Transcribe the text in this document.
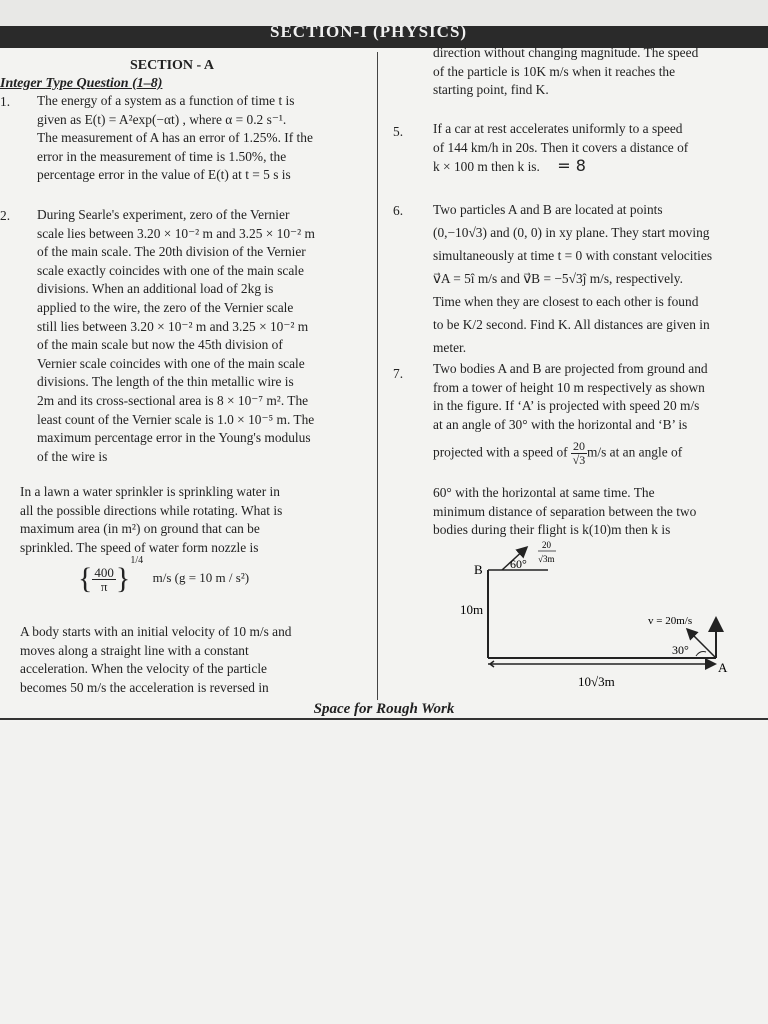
SECTION-I (PHYSICS)
SECTION - A
Integer Type Question (1–8)
1. The energy of a system as a function of time t is
given as E(t) = A²exp(−αt) , where α = 0.2 s⁻¹.
The measurement of A has an error of 1.25%. If the
error in the measurement of time is 1.50%, the
percentage error in the value of E(t) at t = 5 s is
2. During Searle's experiment, zero of the Vernier
scale lies between 3.20 × 10⁻² m and 3.25 × 10⁻² m
of the main scale. The 20th division of the Vernier
scale exactly coincides with one of the main scale
divisions. When an additional load of 2kg is
applied to the wire, the zero of the Vernier scale
still lies between 3.20 × 10⁻² m and 3.25 × 10⁻² m
of the main scale but now the 45th division of
Vernier scale coincides with one of the main scale
divisions. The length of the thin metallic wire is
2m and its cross-sectional area is 8 × 10⁻⁷ m². The
least count of the Vernier scale is 1.0 × 10⁻⁵ m. The
maximum percentage error in the Young's modulus
of the wire is
In a lawn a water sprinkler is sprinkling water in
all the possible directions while rotating. What is
maximum area (in m²) on ground that can be
sprinkled. The speed of water form nozzle is
{ $\frac{400}{\pi} \}^{1/4}$ m/s (g = 10 m / s²)
A body starts with an initial velocity of 10 m/s and
moves along a straight line with a constant
acceleration. When the velocity of the particle
becomes 50 m/s the acceleration is reversed in
direction without changing magnitude. The speed
of the particle is 10K m/s when it reaches the
starting point, find K.
5. If a car at rest accelerates uniformly to a speed
of 144 km/h in 20s. Then it covers a distance of
k × 100 m then k is. = 8
6. Two particles A and B are located at points
(0,−10√3) and (0, 0) in xy plane. They start moving
simultaneously at time t = 0 with constant velocities
v⃗A = 5î m/s and v⃗B = −5√3ĵ m/s, respectively.
Time when they are closest to each other is found
to be K/2 second. Find K. All distances are given in
meter.
7. Two bodies A and B are projected from ground and
from a tower of height 10 m respectively as shown
in the figure. If ‘A’ is projected with speed 20 m/s
at an angle of 30° with the horizontal and ‘B’ is
projected with a speed of $\frac{20}{√3} m/s$ at an angle of
60° with the horizontal at same time. The
minimum distance of separation between the two
bodies during their flight is k(10)m then k is
B 60°
20
√3m
10m
v = 20m/s
30°
A
10√3m
Space for Rough Work
